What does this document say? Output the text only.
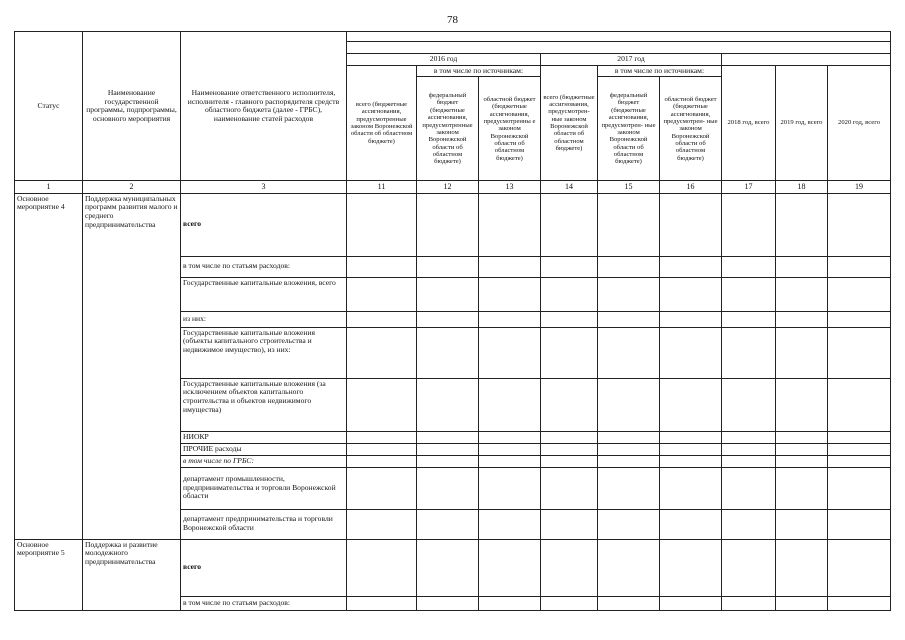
78
Статус	Наименование государственной программы, подпрограммы, основного мероприятия	Наименование ответственного исполнителя, исполнителя - главного распорядителя средств областного бюджета (далее - ГРБС), наименование статей расходов									

			2016 год			2017 год					
			всего (бюджетные ассигнования, предусмотренные законом Воронежской области об областном бюджете)	в том числе по источникам:		всего (бюджетные ассигнования, предусмотрен- ные законом Воронежской области об областном бюджете)	в том числе по источникам:		2018 год, всего	2019 год, всего	2020 год, всего
				федеральный бюджет (бюджетные ассигнования, предусмотренные законом Воронежской области об областном бюджете)	областной бюджет (бюджетные ассигнования, предусмотренны е законом Воронежской области об областном бюджете)		федеральный бюджет (бюджетные ассигнования, предусмотрен- ные законом Воронежской области об областном бюджете)	областной бюджет (бюджетные ассигнования, предусмотрен- ные законом Воронежской области об областном бюджете)			
1	2	3	11	12	13	14	15	16	17	18	19
Основное мероприятие 4	Поддержка муниципальных программ развития малого и среднего предпринимательства	всего									
		в том числе по статьям расходов:									
		Государственные капитальные вложения, всего									
		из них:									
		Государственные капитальные вложения (объекты капитального строительства и недвижимое имущество), из них:									
		Государственные капитальные вложения (за исключением объектов капитального строительства и объектов недвижимого имущества)									
		НИОКР									
		ПРОЧИЕ расходы									
		в том числе по ГРБС:									
		департамент промышленности, предпринимательства и торговли Воронежской области									
		департамент предпринимательства и торговли Воронежской области									
Основное мероприятие 5	Поддержка и развитие молодежного предпринимательства	всего									
		в том числе по статьям расходов:									
